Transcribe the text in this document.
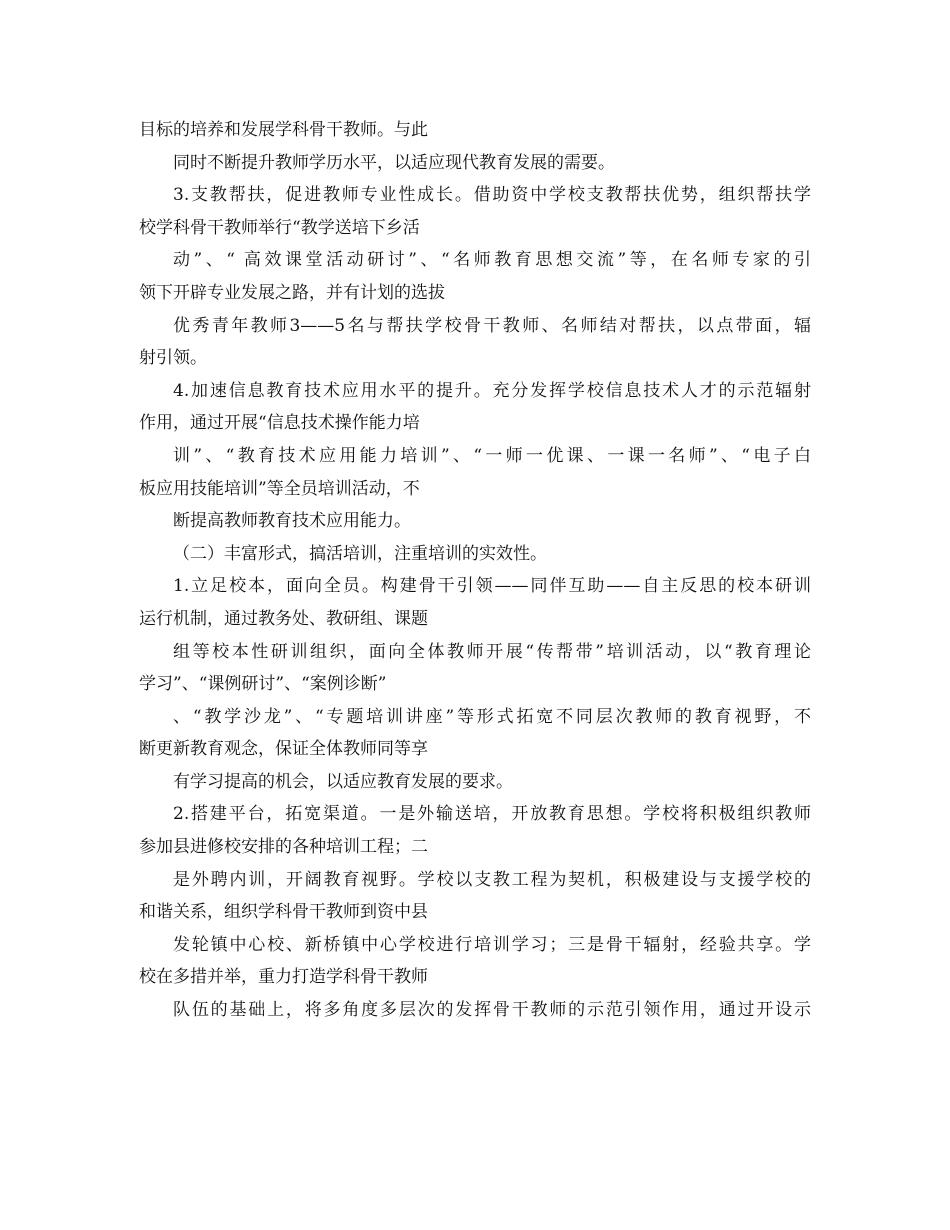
目标的培养和发展学科骨干教师。与此
同时不断提升教师学历水平，以适应现代教育发展的需要。
3.支教帮扶，促进教师专业性成长。借助资中学校支教帮扶优势，组织帮扶学
校学科骨干教师举行“教学送培下乡活
动”、“ 高效课堂活动研讨”、“名师教育思想交流”等，在名师专家的引
领下开辟专业发展之路，并有计划的选拔
优秀青年教师3——5名与帮扶学校骨干教师、名师结对帮扶，以点带面，辐
射引领。
4.加速信息教育技术应用水平的提升。充分发挥学校信息技术人才的示范辐射
作用，通过开展“信息技术操作能力培
训”、“教育技术应用能力培训”、“一师一优课、一课一名师”、“电子白
板应用技能培训”等全员培训活动，不
断提高教师教育技术应用能力。
（二）丰富形式，搞活培训，注重培训的实效性。
1.立足校本，面向全员。构建骨干引领——同伴互助——自主反思的校本研训
运行机制，通过教务处、教研组、课题
组等校本性研训组织，面向全体教师开展“传帮带”培训活动，以“教育理论
学习”、“课例研讨”、“案例诊断”
、“教学沙龙”、“专题培训讲座”等形式拓宽不同层次教师的教育视野，不
断更新教育观念，保证全体教师同等享
有学习提高的机会，以适应教育发展的要求。
2.搭建平台，拓宽渠道。一是外输送培，开放教育思想。学校将积极组织教师
参加县进修校安排的各种培训工程；二
是外聘内训，开阔教育视野。学校以支教工程为契机，积极建设与支援学校的
和谐关系，组织学科骨干教师到资中县
发轮镇中心校、新桥镇中心学校进行培训学习；三是骨干辐射，经验共享。学
校在多措并举，重力打造学科骨干教师
队伍的基础上，将多角度多层次的发挥骨干教师的示范引领作用，通过开设示
